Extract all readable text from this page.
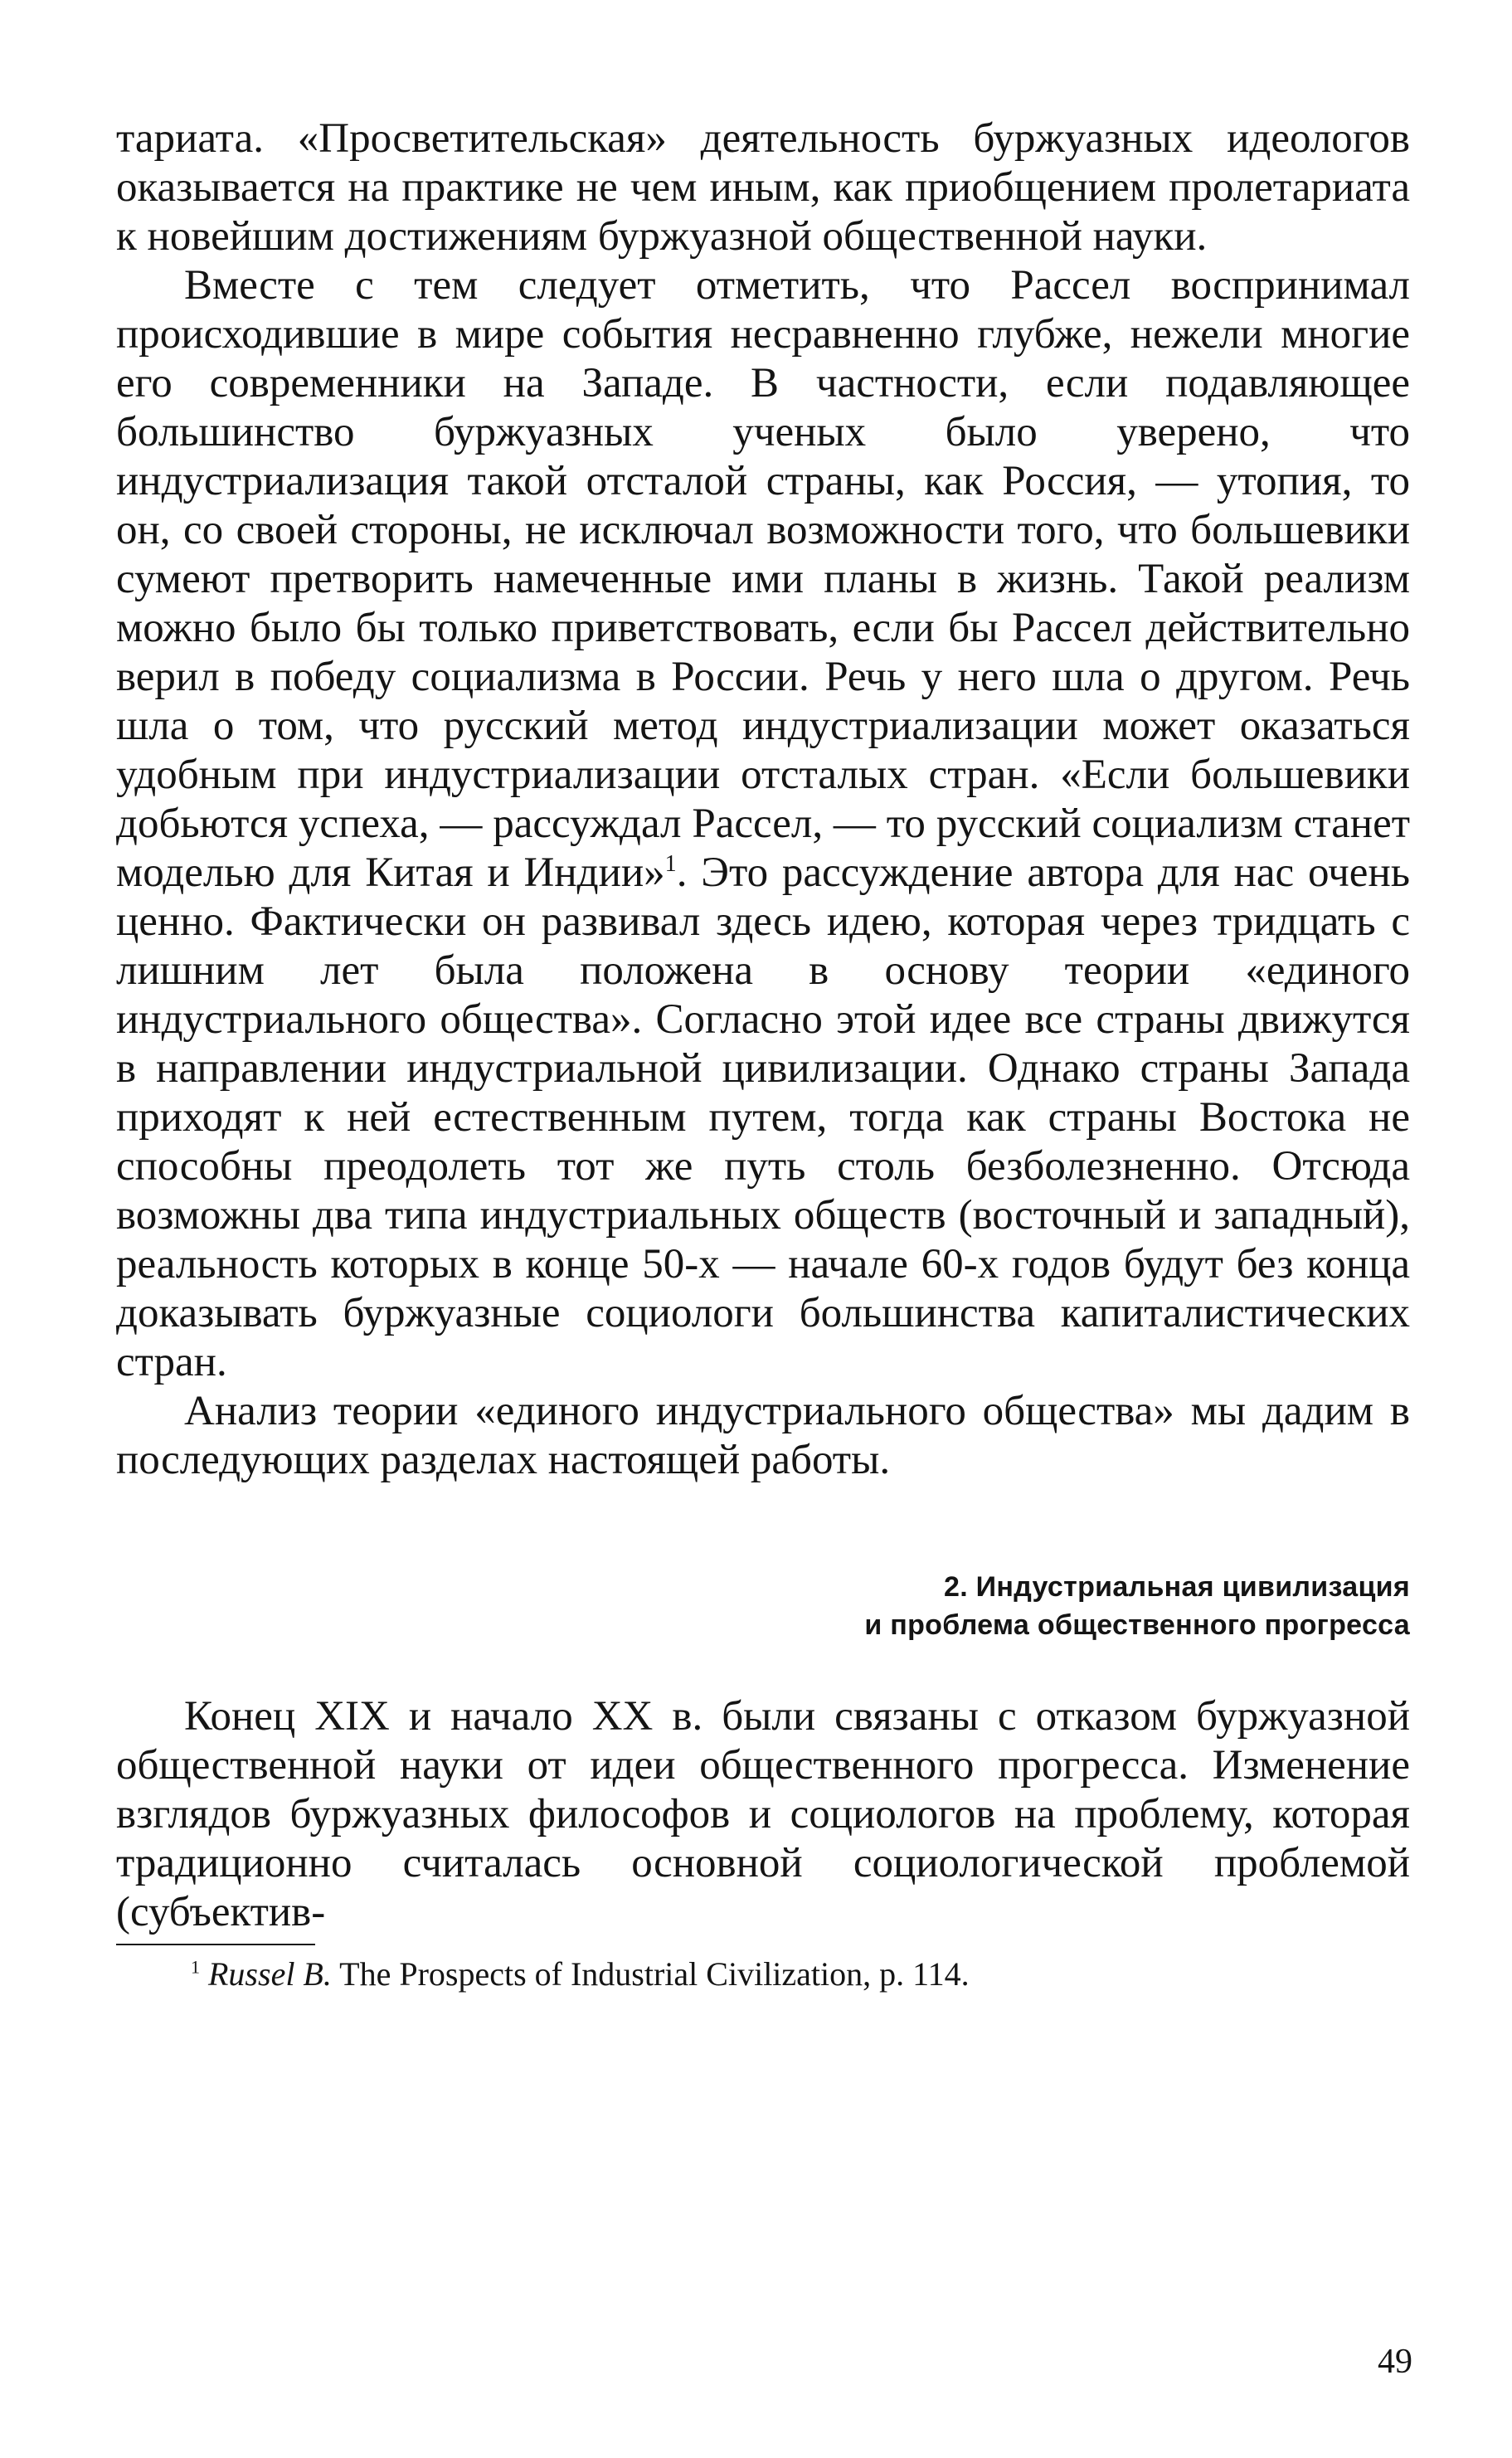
тариата. «Просветительская» деятельность буржуазных идеологов оказывается на практике не чем иным, как приобщением пролетариата к новейшим достижениям буржуазной общественной науки.

Вместе с тем следует отметить, что Рассел воспринимал происходившие в мире события несравненно глубже, нежели многие его современники на Западе. В частности, если подавляющее большинство буржуазных ученых было уверено, что индустриализация такой отсталой страны, как Россия, — утопия, то он, со своей стороны, не исключал возможности того, что большевики сумеют претворить намеченные ими планы в жизнь. Такой реализм можно было бы только приветствовать, если бы Рассел действительно верил в победу социализма в России. Речь у него шла о другом. Речь шла о том, что русский метод индустриализации может оказаться удобным при индустриализации отсталых стран. «Если большевики добьются успеха, — рассуждал Рассел, — то русский социализм станет моделью для Китая и Индии»$^1$. Это рассуждение автора для нас очень ценно. Фактически он развивал здесь идею, которая через тридцать с лишним лет была положена в основу теории «единого индустриального общества». Согласно этой идее все страны движутся в направлении индустриальной цивилизации. Однако страны Запада приходят к ней естественным путем, тогда как страны Востока не способны преодолеть тот же путь столь безболезненно. Отсюда возможны два типа индустриальных обществ (восточный и западный), реальность которых в конце 50-х — начале 60-х годов будут без конца доказывать буржуазные социологи большинства капиталистических стран.

Анализ теории «единого индустриального общества» мы дадим в последующих разделах настоящей работы.

2. Индустриальная цивилизация
и проблема общественного прогресса

Конец XIX и начало XX в. были связаны с отказом буржуазной общественной науки от идеи общественного прогресса. Изменение взглядов буржуазных философов и социологов на проблему, которая традиционно считалась основной социологической проблемой (субъектив-

$^1$ Russel B. The Prospects of Industrial Civilization, p. 114.
49
